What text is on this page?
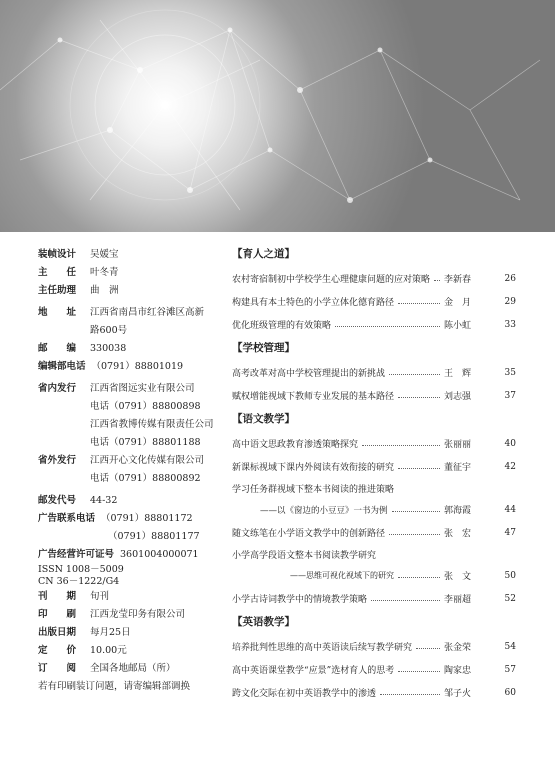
装帧设计	吴媛宝
主　　任	叶冬青
主任助理	曲　洲
地　　址	江西省南昌市红谷滩区高新
路600号
邮　　编	330038
编辑部电话 （0791）88801019
省内发行	江西省图远实业有限公司
电话（0791）88800898
江西省教博传媒有限责任公司
电话（0791）88801188
省外发行	江西开心文化传媒有限公司
电话（0791）88800892
邮发代号	44-32
广告联系电话 （0791）88801172
（0791）88801177
广告经营许可证号 3601004000071
ISSN 1008－5009
CN 36－1222/G4
刊　　期	旬刊
印　　刷	江西龙莹印务有限公司
出版日期	每月25日
定　　价	10.00元
订　　阅	全国各地邮局（所）
若有印刷装订问题，请寄编辑部调换
【育人之道】
农村寄宿制初中学校学生心理健康问题的应对策略 李新春	26
构建具有本土特色的小学立体化德育路径	金　月	29
优化班级管理的有效策略	陈小虹	33
【学校管理】
高考改革对高中学校管理提出的新挑战	王　辉	35
赋权增能视域下教师专业发展的基本路径	刘志强	37
【语文教学】
高中语文思政教育渗透策略探究	张丽丽	40
新课标视域下课内外阅读有效衔接的研究	董征宇	42
学习任务群视域下整本书阅读的推进策略
——以《窗边的小豆豆》一书为例	郭海霞	44
随文练笔在小学语文教学中的创新路径	张　宏	47
小学高学段语文整本书阅读教学研究
——思维可视化视域下的研究	张　文	50
小学古诗词教学中的情境教学策略	李丽超	52
【英语教学】
培养批判性思维的高中英语读后续写教学研究	张金荣	54
高中英语课堂教学“应景”选材育人的思考	陶家忠	57
跨文化交际在初中英语教学中的渗透	邹子火	60
